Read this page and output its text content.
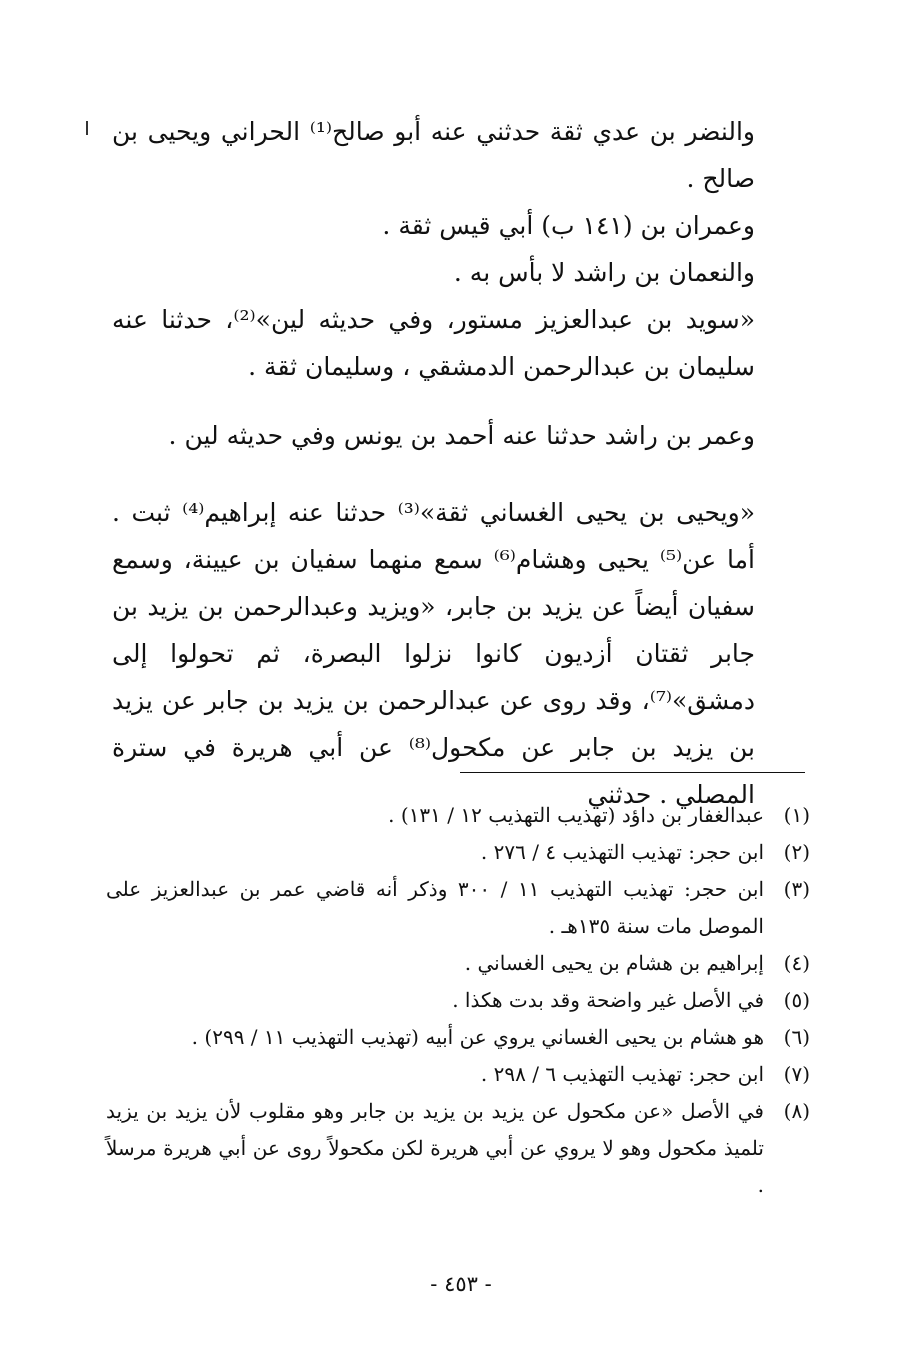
والنضر بن عدي ثقة حدثني عنه أبو صالح⁽¹⁾ الحراني ويحيى بن صالح .

وعمران بن (١٤١ ب) أبي قيس ثقة .

والنعمان بن راشد لا بأس به .

«سويد بن عبدالعزيز مستور، وفي حديثه لين»⁽²⁾، حدثنا عنه سليمان بن عبدالرحمن الدمشقي ، وسليمان ثقة .

وعمر بن راشد حدثنا عنه أحمد بن يونس وفي حديثه لين .

«ويحيى بن يحيى الغساني ثقة»⁽³⁾ حدثنا عنه إبراهيم⁽⁴⁾ ثبت . أما عن⁽⁵⁾ يحيى وهشام⁽⁶⁾ سمع منهما سفيان بن عيينة، وسمع سفيان أيضاً عن يزيد بن جابر، «ويزيد وعبدالرحمن بن يزيد بن جابر ثقتان أزديون كانوا نزلوا البصرة، ثم تحولوا إلى دمشق»⁽⁷⁾، وقد روى عن عبدالرحمن بن يزيد بن جابر عن يزيد بن يزيد بن جابر عن مكحول⁽⁸⁾ عن أبي هريرة في سترة المصلي . حدثني

(١)
عبدالغفار بن داؤد (تهذيب التهذيب ١٢ / ١٣١) .
(٢)
ابن حجر: تهذيب التهذيب ٤ / ٢٧٦ .
(٣)
ابن حجر: تهذيب التهذيب ١١ / ٣٠٠ وذكر أنه قاضي عمر بن عبدالعزيز على الموصل مات سنة ١٣٥هـ .
(٤)
إبراهيم بن هشام بن يحيى الغساني .
(٥)
في الأصل غير واضحة وقد بدت هكذا .
(٦)
هو هشام بن يحيى الغساني يروي عن أبيه (تهذيب التهذيب ١١ / ٢٩٩) .
(٧)
ابن حجر: تهذيب التهذيب ٦ / ٢٩٨ .
(٨)
في الأصل «عن مكحول عن يزيد بن يزيد بن جابر وهو مقلوب لأن يزيد بن يزيد تلميذ مكحول وهو لا يروي عن أبي هريرة لكن مكحولاً روى عن أبي هريرة مرسلاً .
- ٤٥٣ -
